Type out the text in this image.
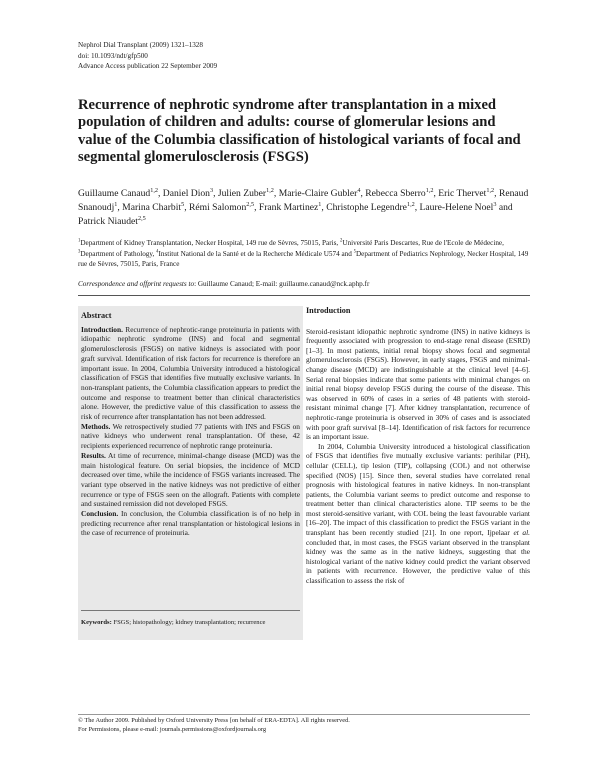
Nephrol Dial Transplant (2009) 1321–1328
doi: 10.1093/ndt/gfp500
Advance Access publication 22 September 2009
Recurrence of nephrotic syndrome after transplantation in a mixed population of children and adults: course of glomerular lesions and value of the Columbia classification of histological variants of focal and segmental glomerulosclerosis (FSGS)
Guillaume Canaud$^{1,2}$, Daniel Dion$^3$, Julien Zuber$^{1,2}$, Marie-Claire Gubler$^4$, Rebecca Sberro$^{1,2}$, Eric Thervet$^{1,2}$, Renaud Snanoudj$^1$, Marina Charbit$^5$, Rémi Salomon$^{2,5}$, Frank Martinez$^1$, Christophe Legendre$^{1,2}$, Laure-Helene Noel$^3$ and Patrick Niaudet$^{2,5}$
$^1$Department of Kidney Transplantation, Necker Hospital, 149 rue de Sèvres, 75015, Paris, $^2$Université Paris Descartes, Rue de l'Ecole de Médecine, $^3$Department of Pathology, $^4$Institut National de la Santé et de la Recherche Médicale U574 and $^5$Department of Pediatrics Nephrology, Necker Hospital, 149 rue de Sèvres, 75015, Paris, France
Correspondence and offprint requests to: Guillaume Canaud; E-mail: guillaume.canaud@nck.aphp.fr
Abstract

Introduction. Recurrence of nephrotic-range proteinuria in patients with idiopathic nephrotic syndrome (INS) and focal and segmental glomerulosclerosis (FSGS) on native kidneys is associated with poor graft survival. Identification of risk factors for recurrence is therefore an important issue. In 2004, Columbia University introduced a histological classification of FSGS that identifies five mutually exclusive variants. In non-transplant patients, the Columbia classification appears to predict the outcome and response to treatment better than clinical characteristics alone. However, the predictive value of this classification to assess the risk of recurrence after transplantation has not been addressed.

Methods. We retrospectively studied 77 patients with INS and FSGS on native kidneys who underwent renal transplantation. Of these, 42 recipients experienced recurrence of nephrotic range proteinuria.

Results. At time of recurrence, minimal-change disease (MCD) was the main histological feature. On serial biopsies, the incidence of MCD decreased over time, while the incidence of FSGS variants increased. The variant type observed in the native kidneys was not predictive of either recurrence or type of FSGS seen on the allograft. Patients with complete and sustained remission did not developed FSGS.

Conclusion. In conclusion, the Columbia classification is of no help in predicting recurrence after renal transplantation or histological lesions in the case of recurrence of proteinuria.

Keywords: FSGS; histopathology; kidney transplantation; recurrence
Introduction

Steroid-resistant idiopathic nephrotic syndrome (INS) in native kidneys is frequently associated with progression to end-stage renal disease (ESRD) [1–3]. In most patients, initial renal biopsy shows focal and segmental glomerulosclerosis (FSGS). However, in early stages, FSGS and minimal-change disease (MCD) are indistinguishable at the clinical level [4–6]. Serial renal biopsies indicate that some patients with minimal changes on initial renal biopsy develop FSGS during the course of the disease. This was observed in 60% of cases in a series of 48 patients with steroid-resistant minimal change [7]. After kidney transplantation, recurrence of nephrotic-range proteinuria is observed in 30% of cases and is associated with poor graft survival [8–14]. Identification of risk factors for recurrence is an important issue.

In 2004, Columbia University introduced a histological classification of FSGS that identifies five mutually exclusive variants: perihilar (PH), cellular (CELL), tip lesion (TIP), collapsing (COL) and not otherwise specified (NOS) [15]. Since then, several studies have correlated renal prognosis with histological features in native kidneys. In non-transplant patients, the Columbia variant seems to predict outcome and response to treatment better than clinical characteristics alone. TIP seems to be the most steroid-sensitive variant, with COL being the least favourable variant [16–20]. The impact of this classification to predict the FSGS variant in the transplant has been recently studied [21]. In one report, Ijpelaar et al. concluded that, in most cases, the FSGS variant observed in the transplant kidney was the same as in the native kidneys, suggesting that the histological variant of the native kidney could predict the variant observed in patients with recurrence. However, the predictive value of this classification to assess the risk of

© The Author 2009. Published by Oxford University Press [on behalf of ERA-EDTA]. All rights reserved.
For Permissions, please e-mail: journals.permissions@oxfordjournals.org
